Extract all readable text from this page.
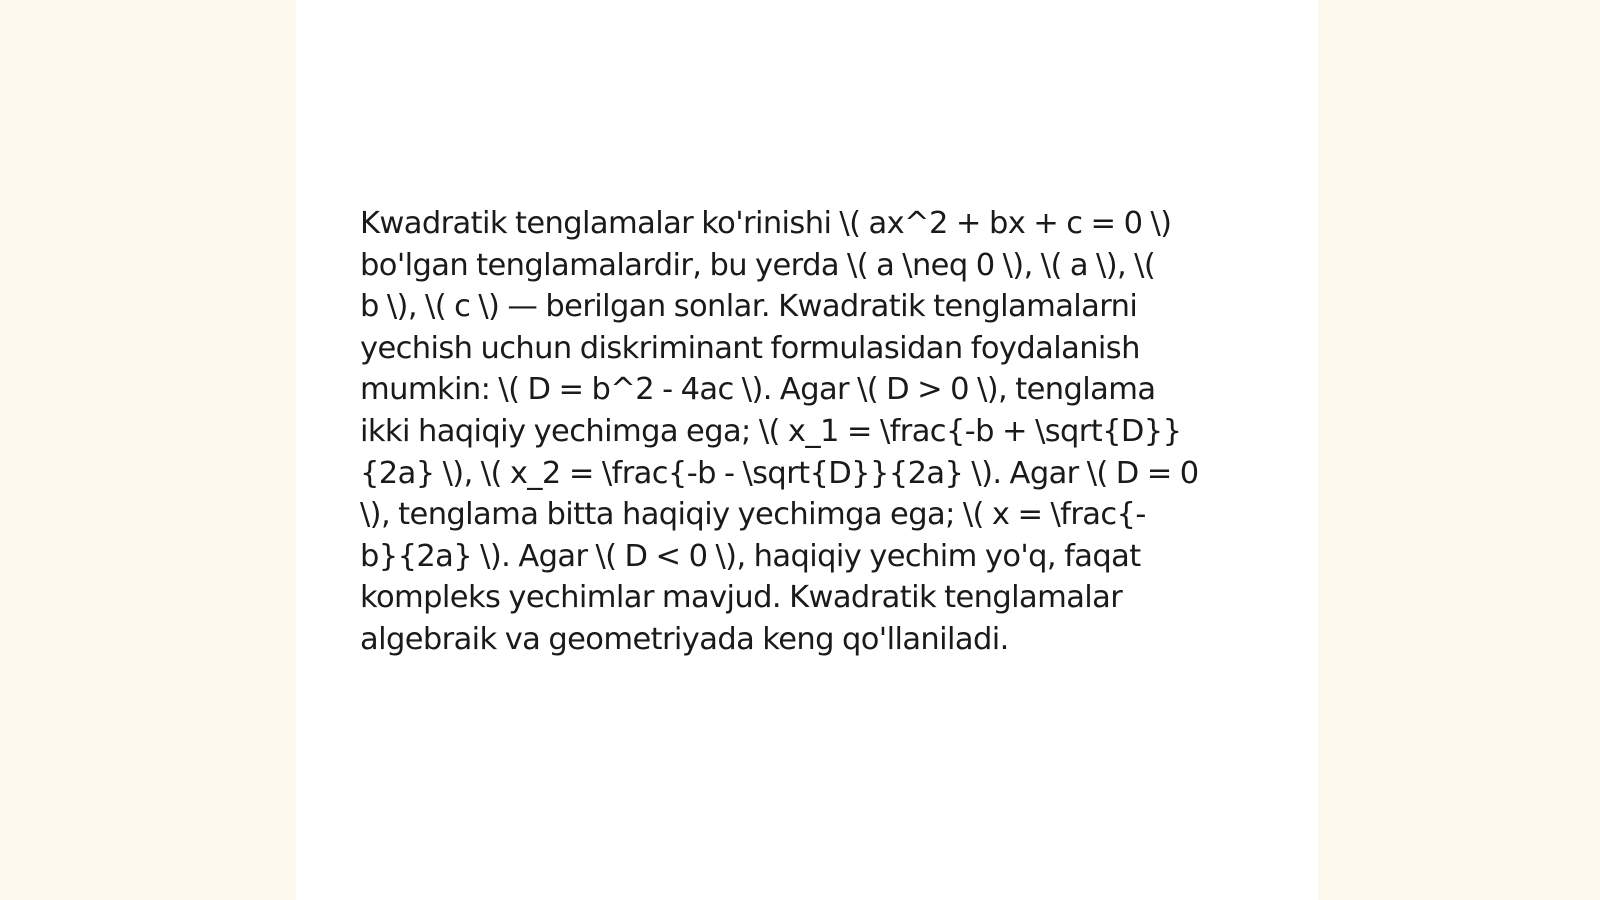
Kwadratik tenglamalar ko'rinishi \( ax^2 + bx + c = 0 \)
bo'lgan tenglamalardir, bu yerda \( a \neq 0 \), \( a \), \(
b \), \( c \) — berilgan sonlar. Kwadratik tenglamalarni
yechish uchun diskriminant formulasidan foydalanish
mumkin: \( D = b^2 - 4ac \). Agar \( D > 0 \), tenglama
ikki haqiqiy yechimga ega; \( x_1 = \frac{-b + \sqrt{D}}
{2a} \), \( x_2 = \frac{-b - \sqrt{D}}{2a} \). Agar \( D = 0
\), tenglama bitta haqiqiy yechimga ega; \( x = \frac{-
b}{2a} \). Agar \( D < 0 \), haqiqiy yechim yo'q, faqat
kompleks yechimlar mavjud. Kwadratik tenglamalar
algebraik va geometriyada keng qo'llaniladi.
